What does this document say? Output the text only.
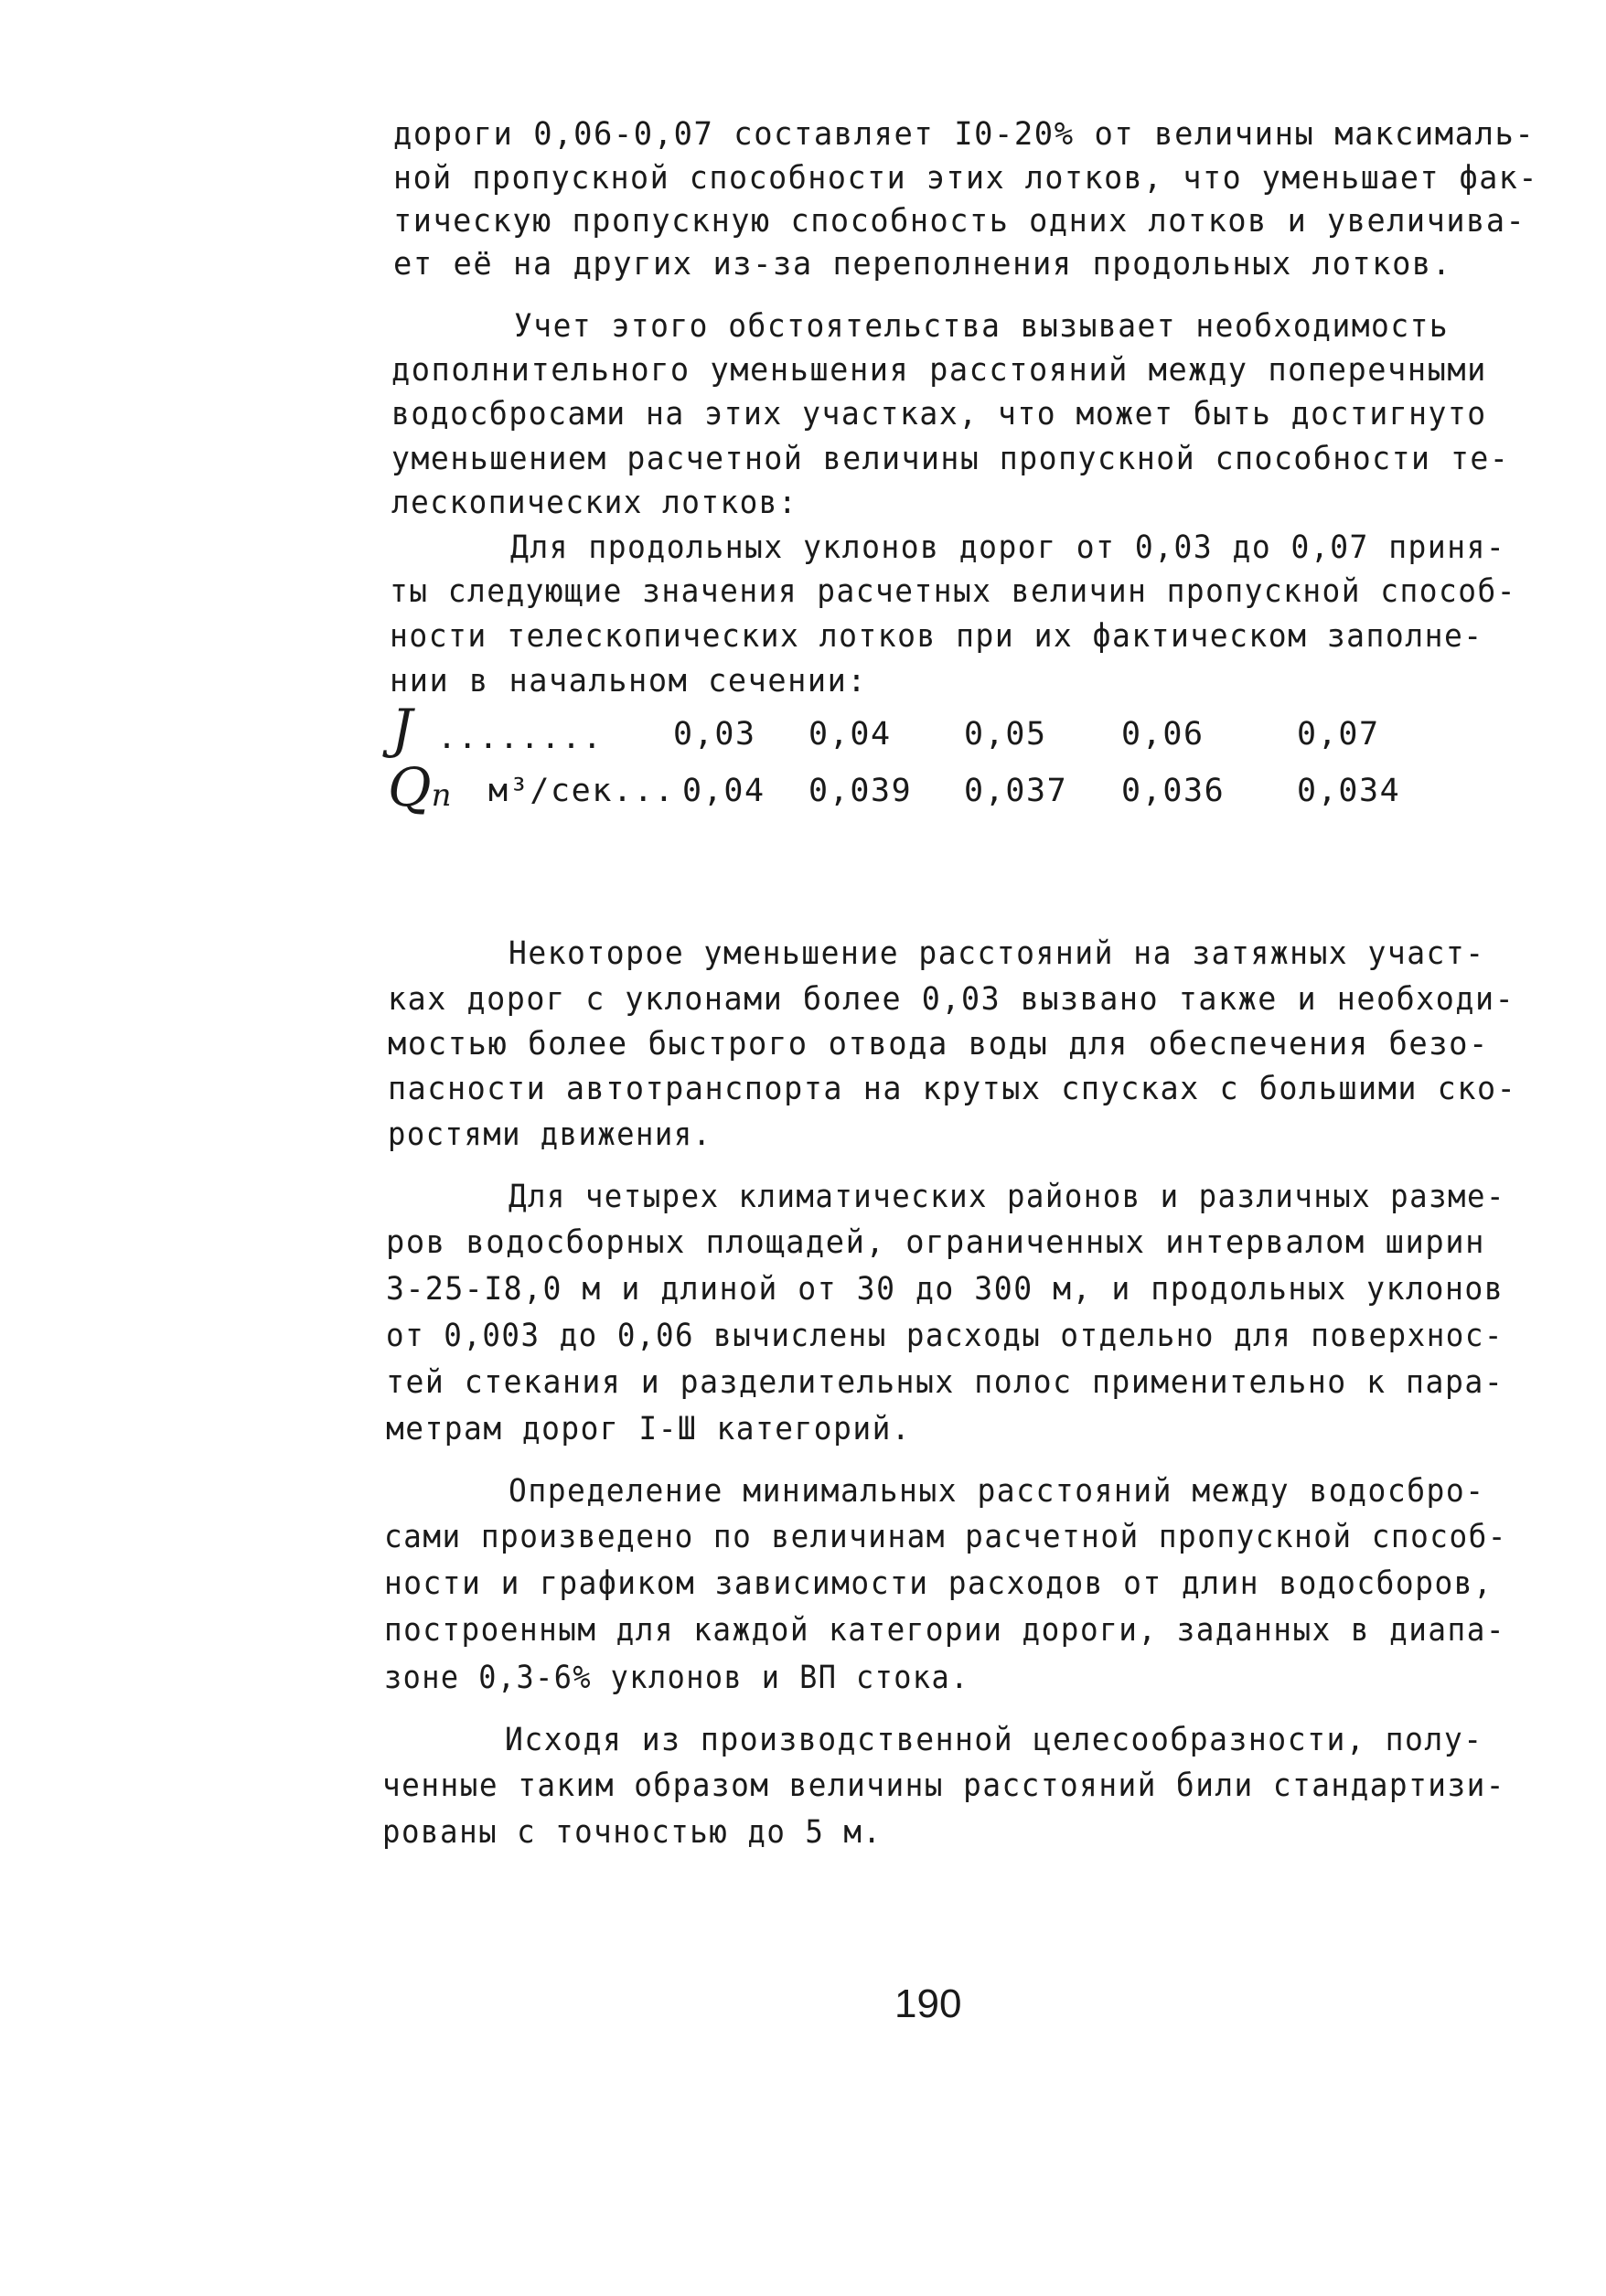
дороги 0,06-0,07 составляет I0-20% от величины максималь-
ной пропускной способности этих лотков, что уменьшает фак-
тическую пропускную способность одних лотков и увеличива-
ет её на других из-за переполнения продольных лотков.
Учет этого обстоятельства вызывает необходимость
дополнительного уменьшения расстояний между поперечными
водосбросами на этих участках, что может быть достигнуто
уменьшением расчетной величины пропускной способности те-
лескопических лотков:
Для продольных уклонов дорог от 0,03 до 0,07 приня-
ты следующие значения расчетных величин пропускной способ-
ности телескопических лотков при их фактическом заполне-
нии в начальном сечении:
J ........ 0,03 0,04 0,05 0,06	0,07
Qп м³/сек... 0,04 0,039 0,037 0,036 0,034
Некоторое уменьшение расстояний на затяжных участ-
ках дорог с уклонами более 0,03 вызвано также и необходи-
мостью более быстрого отвода воды для обеспечения безо-
пасности автотранспорта на крутых спусках с большими ско-
ростями движения.
Для четырех климатических районов и различных разме-
ров водосборных площадей, ограниченных интервалом ширин
3-25-I8,0 м и длиной от 30 до 300 м, и продольных уклонов
от 0,003 до 0,06 вычислены расходы отдельно для поверхнос-
тей стекания и разделительных полос применительно к пара-
метрам дорог I-Ш категорий.
Определение минимальных расстояний между водосбро-
сами произведено по величинам расчетной пропускной способ-
ности и графиком зависимости расходов от длин водосборов,
построенным для каждой категории дороги, заданных в диапа-
зоне 0,3-6% уклонов и ВП стока.
Исходя из производственной целесообразности, полу-
ченные таким образом величины расстояний били стандартизи-
рованы с точностью до 5 м.
190
